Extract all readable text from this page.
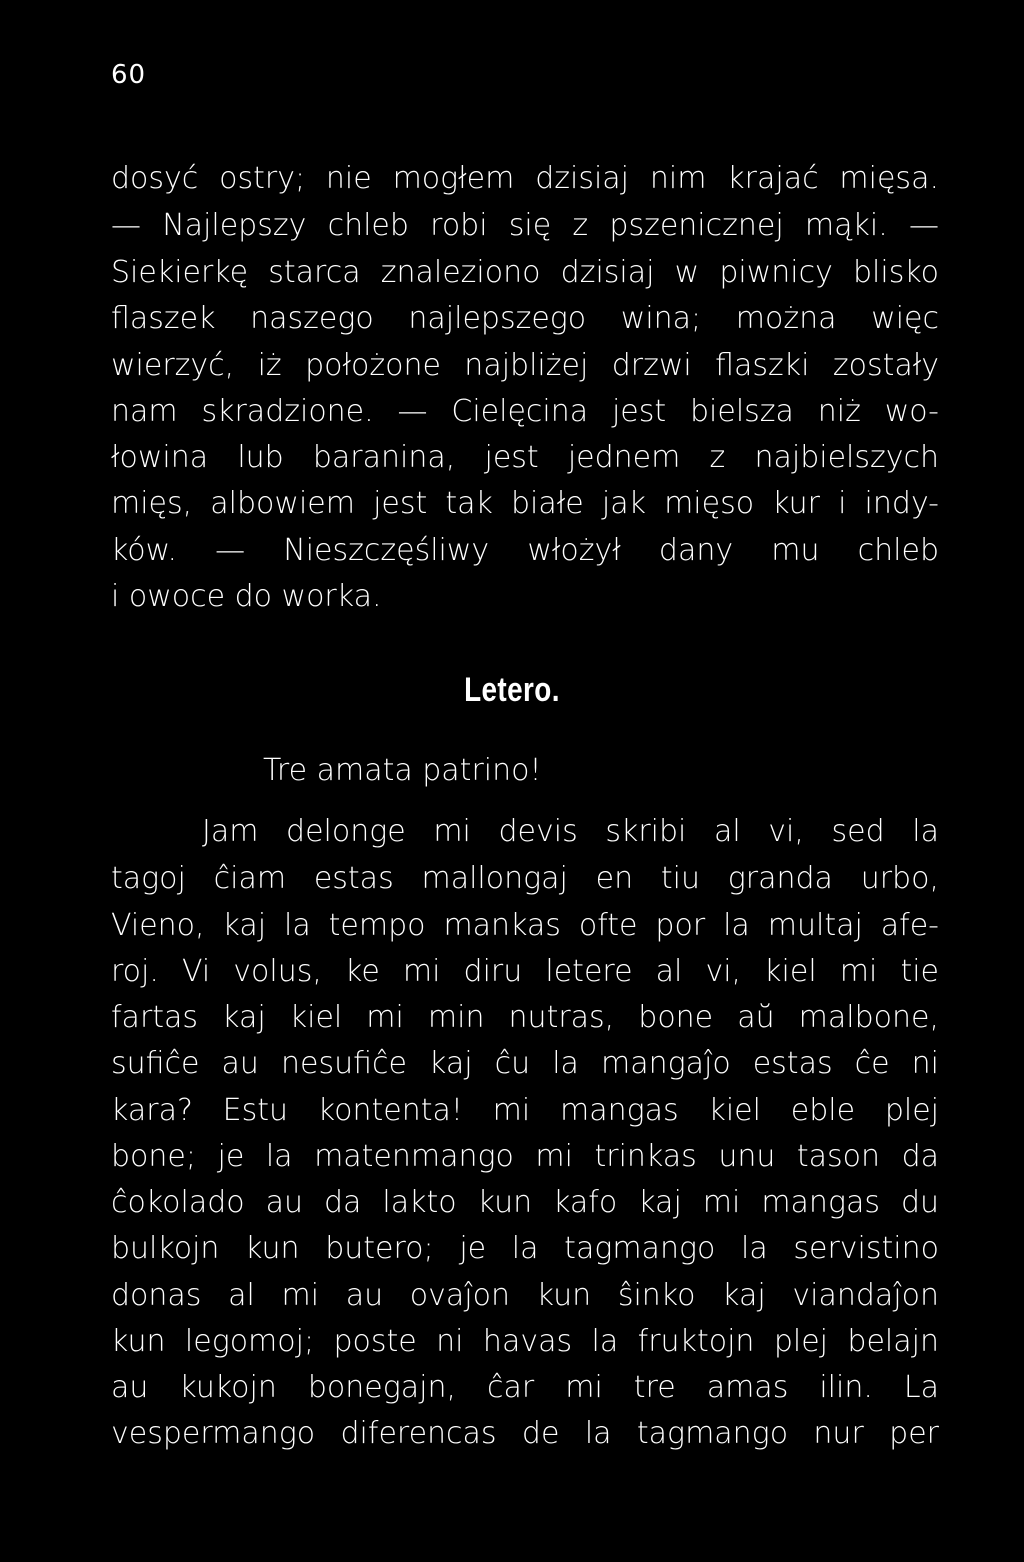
60
dosyć ostry; nie mogłem dzisiaj nim krajać mięsa.
— Najlepszy chleb robi się z pszenicznej mąki. —
Siekierkę starca znaleziono dzisiaj w piwnicy blisko
flaszek naszego najlepszego wina; można więc
wierzyć, iż położone najbliżej drzwi flaszki zostały
nam skradzione. — Cielęcina jest bielsza niż wo-
łowina lub baranina, jest jednem z najbielszych
mięs, albowiem jest tak białe jak mięso kur i indy-
ków. — Nieszczęśliwy włożył dany mu chleb
i owoce do worka.
Letero.
Tre amata patrino!
Jam delonge mi devis skribi al vi, sed la
tagoj ĉiam estas mallongaj en tiu granda urbo,
Vieno, kaj la tempo mankas ofte por la multaj afe-
roj. Vi volus, ke mi diru letere al vi, kiel mi tie
fartas kaj kiel mi min nutras, bone aŭ malbone,
sufiĉe au nesufiĉe kaj ĉu la mangaĵo estas ĉe ni
kara? Estu kontenta! mi mangas kiel eble plej
bone; je la matenmango mi trinkas unu tason da
ĉokolado au da lakto kun kafo kaj mi mangas du
bulkojn kun butero; je la tagmango la servistino
donas al mi au ovaĵon kun ŝinko kaj viandaĵon
kun legomoj; poste ni havas la fruktojn plej belajn
au kukojn bonegajn, ĉar mi tre amas ilin. La
vespermango diferencas de la tagmango nur per
